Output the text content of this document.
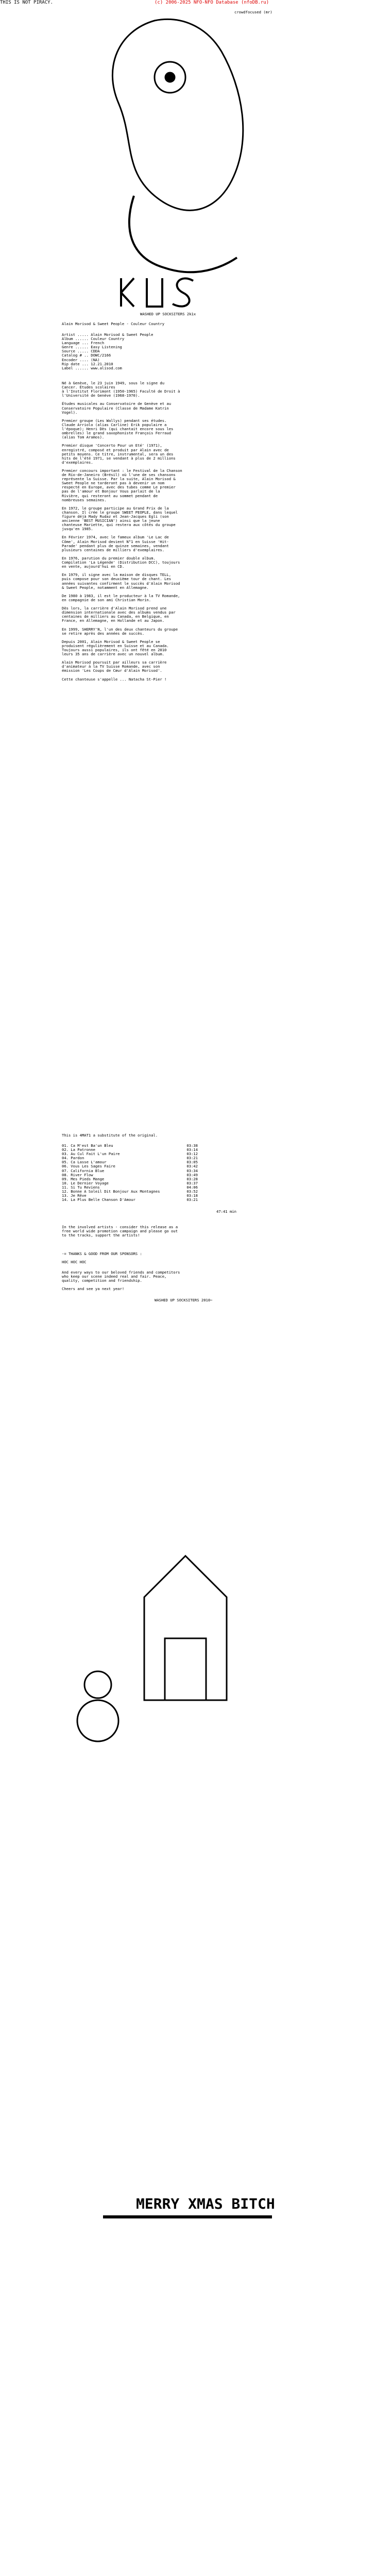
THIS IS NOT PIRACY.	(c) 2006-2025 NFO-NFO Database (nfoDB.ru)
crowdfocused (mr)
WASHED UP SOCKSITERS 2k1x
Alain Morisod & Sweet People - Couleur Country
Artist ..... Alain Morisod & Sweet People
Album ...... Couleur Country
Language ... French
Genre ...... Easy Listening
Source ..... CDDA
Catalog # .. DOWC/2166
Encoder .... (NA)
Rip date ... 12.21.2010
Label ...... www.alisod.com
Né à Genève, le 23 juin 1949, sous le signe du
Cancer. Études scolaires
à l'Institut Florimont (1950-1965) Faculté de Droit à
l'Université de Genève (1968-1970).

Études musicales au Conservatoire de Genève et au
Conservatoire Populaire (Classe de Madame Katrin
Vogel).

Premier groupe (Les Wallys) pendant ses études.
Claude Arriolo (alias Carline) Erik populaire a
l'époque); Henri Dès (qui chantait encore sous les
ombrelles) le grand saxophoniste François Ferraud
(alias Tom Aramos).

Premier disque 'Concerto Pour un Eté' (1971),
enregistré, composé et produit par Alain avec de
petits moyens. Ce titre, instrumental, sera un des
hits de l'été 1971, se vendant à plus de 2 millions
d'exemplaires.

Premier concours important : le Festival de la Chanson
de Río-de-Janeiro (Brésil) où l'une de ses chansons
représente la Suisse. Par la suite, Alain Morisod &
Sweet People ne tarderont pas à devenir un nom
respecté en Europe, avec des tubes comme Le premier
pas de l'amour et Bonjour Vous parlait de la
Rivière, qui resteront au sommet pendant de
nombreuses semaines.

En 1972, le groupe participe au Grand Prix de la
chanson. Il crée le groupe SWEET PEOPLE, dans lequel
figure déjà Mady Rudaz et Jean-Jacques Egli (son
ancienne 'BEST MUSICIAN') ainsi que la jeune
chanteuse Mariette, qui restera aux côtés du groupe
jusqu'en 1985.

En Février 1974, avec le fameux album 'Le Lac de
Côme', Alain Morisod devient N°1 en Suisse 'Hit-
Parade' pendant plus de quinze semaines, vendant
plusieurs centaines de milliers d'exemplaires.

En 1976, parution du premier double album.
Compilation 'La Légende' (Distribution DCC), toujours
en vente, aujourd'hui en CD.

En 1979, il signe avec la maison de disques TELL,
puis compose pour son deuxième tour de chant. Les
années suivantes confirment le succès d'Alain Morisod
& Sweet People, notamment en Allemagne.

De 1980 à 1983, il est le producteur à la TV Romande,
en compagnie de son ami Christian Morin.

Dès lors, la carrière d'Alain Morisod prend une
dimension internationale avec des albums vendus par
centaines de milliers au Canada, en Belgique, en
France, en Allemagne, en Hollande et au Japon.

En 1999, SHERRY'N, l'un des deux chanteurs du groupe
se retire après des années de succès.

Depuis 2001, Alain Morisod & Sweet People se
produisent régulièrement en Suisse et au Canada.
Toujours aussi populaires, ils ont fêté en 2010
leurs 35 ans de carrière avec un nouvel album.

Alain Morisod poursuit par ailleurs sa carrière
d'animateur à la TV Suisse Romande, avec son
émission 'Les Coups de Cœur d'Alain Morisod'.

Cette chanteuse s'appelle ... Natacha St-Pier !
This is 4MAT1 a substitute of the original.
01. Ca M'est Ba'un Bleu                                 03:38
02. La Patronne                                         03:14
03. Au Cul Fait L'un Paire                              03:12
04. Pardon                                              03:21
05. Ca Lasse L'amour                                    03:05
06. Vous Les Sages Faire                                03:42
07. California Blue                                     03:34
08. River Flow                                          03:49
09. Mes Pieds Mange                                     03:28
10. Le Dernier Voyage                                   03:37
11. Si Tu Reviens                                       04:06
12. Bonne A Soleil Dit Bonjour Aux Montagnes            03:52
13. Je Rêve                                             03:18
14. La Plus Belle Chanson D'Amour                       03:21
47:41 min
In the involved artists - consider this release as a
free world wide promotion campaign and please go out
to the tracks, support the artists!
-= THANKS & GOOD FROM OUR SPONSORS :
HOC HOC HOC
And every ways to our beloved friends and competitors
who keep our scene indeed real and fair. Peace,
quality, competition and friendship.

Cheers and see ya next year!
WASHED UP SOCKSITERS 2010~
MERRY XMAS BITCH
